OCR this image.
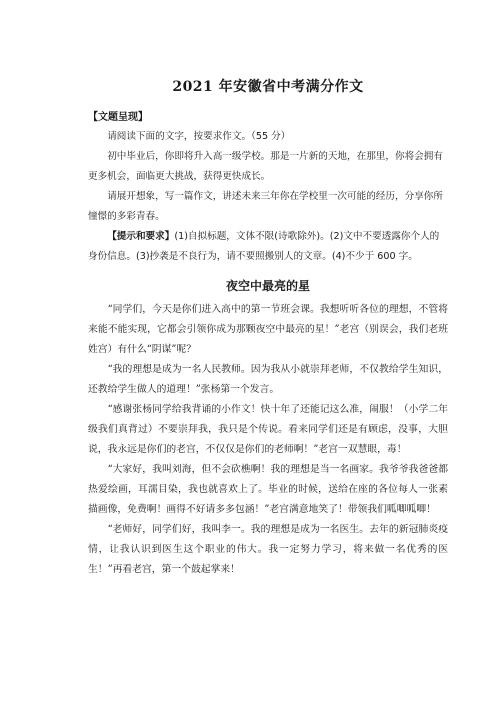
2021 年安徽省中考满分作文
【文题呈现】

请阅读下面的文字，按要求作文。（55 分）

初中毕业后，你即将升入高一级学校。那是一片新的天地，在那里，你将会拥有更多机会，面临更大挑战，获得更快成长。

请展开想象，写一篇作文，讲述未来三年你在学校里一次可能的经历，分享你所憧憬的多彩青春。

【提示和要求】(1)自拟标题，文体不限(诗歌除外)。(2)文中不要透露你个人的身份信息。(3)抄袭是不良行为，请不要照搬别人的文章。(4)不少于 600 字。

夜空中最亮的星

“同学们，今天是你们进入高中的第一节班会课。我想听听各位的理想，不管将来能不能实现，它都会引领你成为那颗夜空中最亮的星！”老宫（别误会，我们老班姓宫）有什么“阴谋”呢？

“我的理想是成为一名人民教师。因为我从小就崇拜老师，不仅教给学生知识，还教给学生做人的道理！”张杨第一个发言。

“感谢张杨同学给我背诵的小作文！快十年了还能记这么准，闹服！（小学二年级我们真背过）不要崇拜我，我只是个传说。看来同学们还是有顾虑，没事，大胆说，我永远是你们的老宫，不仅仅是你们的老师啊！”老宫一双慧眼，毒！

“大家好，我叫刘海，但不会砍樵啊！我的理想是当一名画家。我爷爷我爸爸都热爱绘画，耳濡目染，我也就喜欢上了。毕业的时候，送给在座的各位每人一张素描画像，免费啊！画得不好请多多包涵！”老宫满意地笑了！带领我们呱唧呱唧！

“老师好，同学们好，我叫李一。我的理想是成为一名医生。去年的新冠肺炎疫情，让我认识到医生这个职业的伟大。我一定努力学习，将来做一名优秀的医生！”再看老宫，第一个鼓起掌来！
